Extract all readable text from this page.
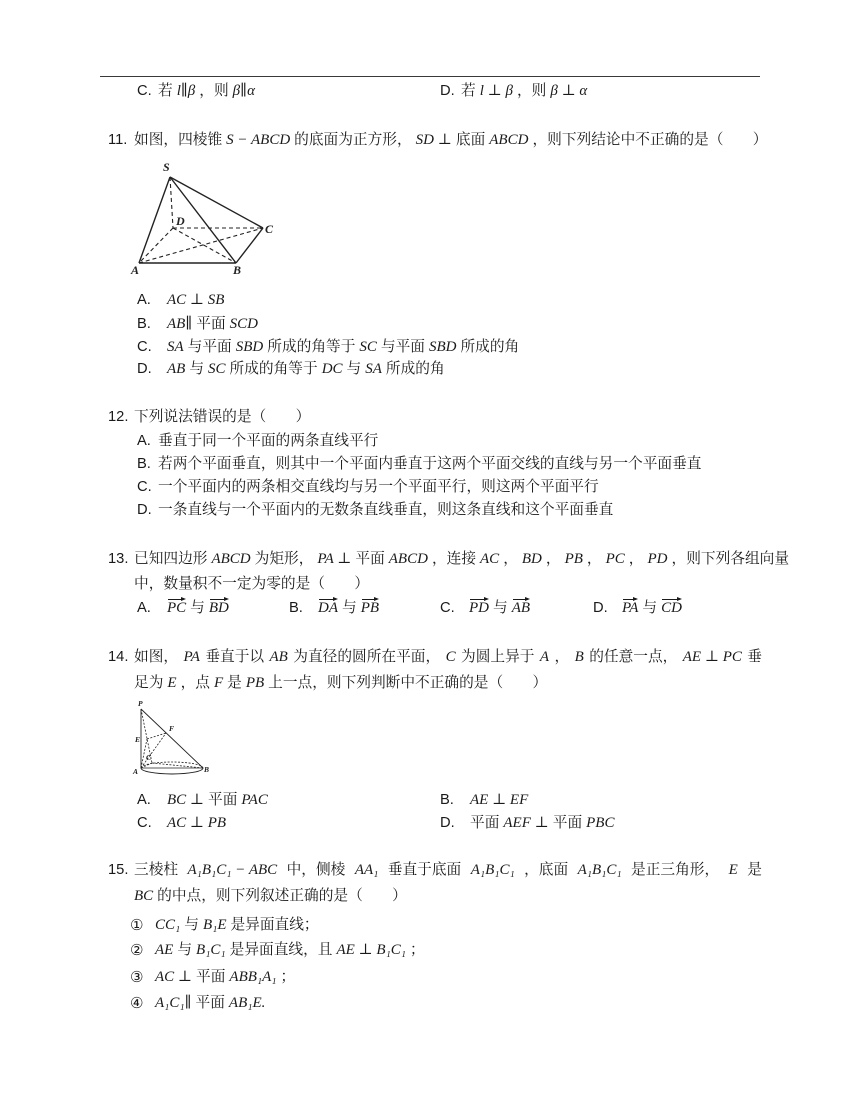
C. 若 l∥β ，则 β∥α	D. 若 l ⊥ β ，则 β ⊥ α
11. 如图，四棱锥 S − ABCD 的底面为正方形， SD ⊥ 底面 ABCD ，则下列结论中不正确的是（　　）
S
D
C
A	B
A. AC ⊥ SB
B. AB∥ 平面 SCD
C. SA 与平面 SBD 所成的角等于 SC 与平面 SBD 所成的角
D. AB 与 SC 所成的角等于 DC 与 SA 所成的角
12. 下列说法错误的是（　　）
A. 垂直于同一个平面的两条直线平行
B. 若两个平面垂直，则其中一个平面内垂直于这两个平面交线的直线与另一个平面垂直
C. 一个平面内的两条相交直线均与另一个平面平行，则这两个平面平行
D. 一条直线与一个平面内的无数条直线垂直，则这条直线和这个平面垂直
13. 已知四边形 ABCD 为矩形， PA ⊥ 平面 ABCD ，连接 AC ， BD ， PB ， PC ， PD ，则下列各组向量
中，数量积不一定为零的是（　　）
A. PC 与 BD	B. DA 与 PB	C. PD 与 AB	D. PA 与 CD
14. 如图， PA 垂直于以 AB 为直径的圆所在平面， C 为圆上异于 A ， B 的任意一点， AE ⊥ PC 垂
足为 E ，点 F 是 PB 上一点，则下列判断中不正确的是（　　）
P
F
E
C
A	B
A. BC ⊥ 平面 PAC	B. AE ⊥ EF
C. AC ⊥ PB	D. 平面 AEF ⊥ 平面 PBC
15. 三棱柱 A₁B₁C₁ − ABC 中，侧棱 AA₁ 垂直于底面 A₁B₁C₁ ，底面 A₁B₁C₁ 是正三角形， E 是
BC 的中点，则下列叙述正确的是（　　）
① CC₁ 与 B₁E 是异面直线；
② AE 与 B₁C₁ 是异面直线，且 AE ⊥ B₁C₁ ；
③ AC ⊥ 平面 ABB₁A₁ ；
④ A₁C₁∥ 平面 AB₁E.
